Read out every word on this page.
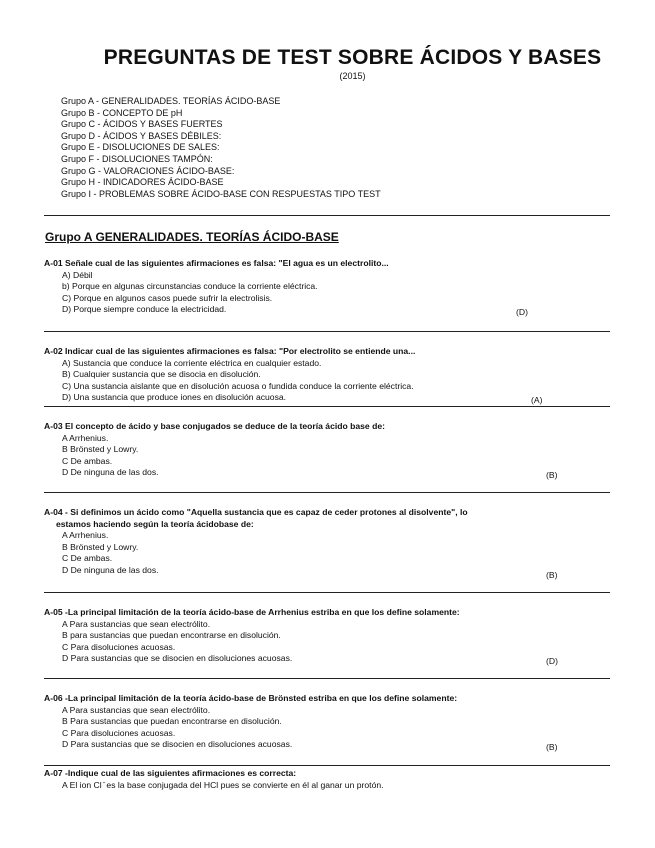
PREGUNTAS DE TEST SOBRE ÁCIDOS Y BASES
(2015)
Grupo A - GENERALIDADES. TEORÍAS ÁCIDO-BASE
Grupo B - CONCEPTO DE pH
Grupo C - ÁCIDOS Y BASES FUERTES
Grupo D - ÁCIDOS Y BASES DÉBILES:
Grupo E - DISOLUCIONES DE SALES:
Grupo F - DISOLUCIONES TAMPÓN:
Grupo G - VALORACIONES ÁCIDO-BASE:
Grupo H - INDICADORES ÁCIDO-BASE
Grupo I - PROBLEMAS SOBRE ÁCIDO-BASE CON RESPUESTAS TIPO TEST
Grupo A GENERALIDADES. TEORÍAS ÁCIDO-BASE
A-01 Señale cual de las siguientes afirmaciones es falsa: "El agua es un electrolito...
A) Débil
b) Porque en algunas circunstancias conduce la corriente eléctrica.
C) Porque en algunos casos puede sufrir la electrolisis.
D) Porque siempre conduce la electricidad.	(D)
A-02 Indicar cual de las siguientes afirmaciones es falsa: "Por electrolito se entiende una...
A) Sustancia que conduce la corriente eléctrica en cualquier estado.
B) Cualquier sustancia que se disocia en disolución.
C) Una sustancia aislante que en disolución acuosa o fundida conduce la corriente eléctrica.
D) Una sustancia que produce iones en disolución acuosa.	(A)
A-03 El concepto de ácido y base conjugados se deduce de la teoría ácido base de:
A Arrhenius.
B Brönsted y Lowry.
C De ambas.
D De ninguna de las dos.	(B)
A-04 - Si definimos un ácido como "Aquella sustancia que es capaz de ceder protones al disolvente", lo
estamos haciendo según la teoría ácidobase de:
A Arrhenius.
B Brönsted y Lowry.
C De ambas.
D De ninguna de las dos.
(B)
A-05 -La principal limitación de la teoría ácido-base de Arrhenius estriba en que los define solamente:
A Para sustancias que sean electrólito.
B para sustancias que puedan encontrarse en disolución.
C Para disoluciones acuosas.
D Para sustancias que se disocien en disoluciones acuosas.	(D)
A-06 -La principal limitación de la teoría ácido-base de Brönsted estriba en que los define solamente:
A Para sustancias que sean electrólito.
B Para sustancias que puedan encontrarse en disolución.
C Para disoluciones acuosas.
D Para sustancias que se disocien en disoluciones acuosas.	(B)
A-07 -Indique cual de las siguientes afirmaciones es correcta:
A El ion Cl ̄ es la base conjugada del HCl pues se convierte en él al ganar un protón.
